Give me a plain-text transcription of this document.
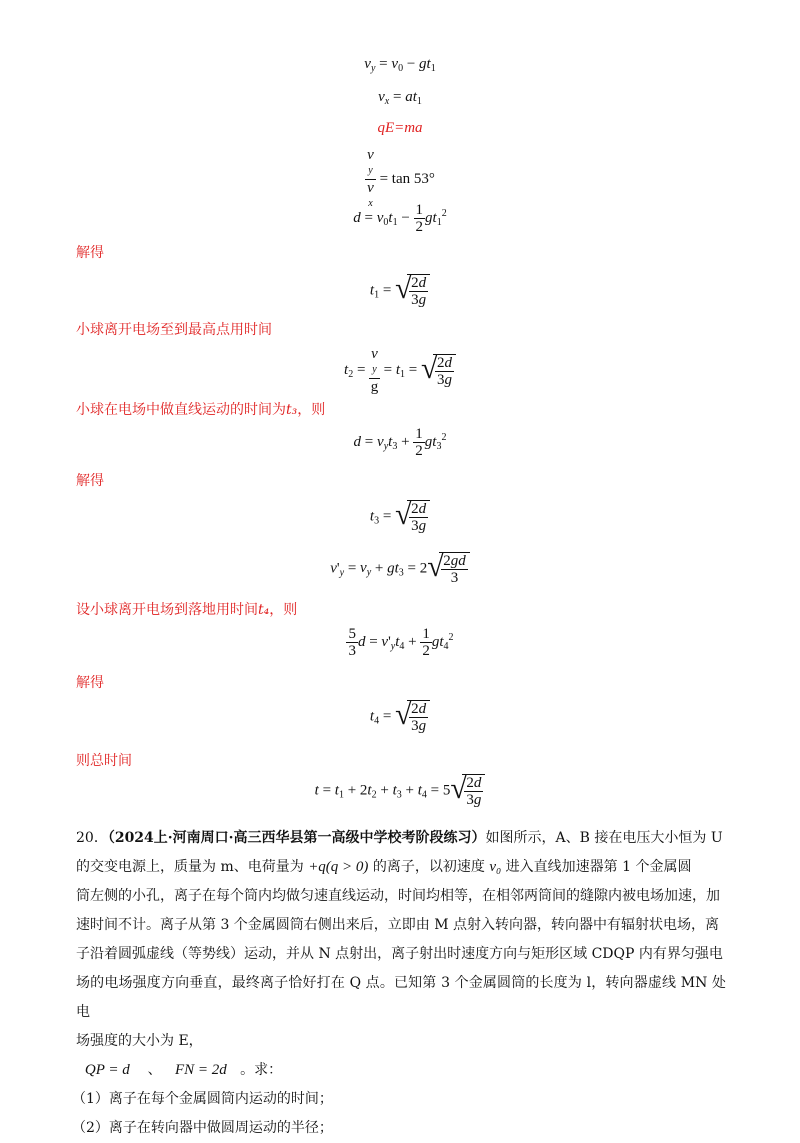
$v_y = v_0 - gt_1$
$v_x = at_1$
qE=ma
v
y
v
x = tan 53°
$d = v_0t_1 - \frac{1}{2} gt_1^2$
解得
$t_1$ = √
$\frac{2d}{3g}$
小球离开电场至到最高点用时间
$t_2 = v$
y
$g = t_1$ = √
$\frac{2d}{3g}$
小球在电场中做直线运动的时间为t₃，则
$d = v_yt_3 + \frac{1}{2} gt_3^2$
解得
$t_3$ = √
$\frac{2d}{3g}$
$v'_y = v_y + gt_3 = 2$ √
$\frac{2gd}{3}$
设小球离开电场到落地用时间t₄，则
$\frac{5}{3}$ $d = v'_yt_4 + \frac{1}{2} gt_4^2$
解得
$t_4$ = √
$\frac{2d}{3g}$
则总时间
$t = t_1 + 2t_2 + t_3 + t_4 = 5$ √
$\frac{2d}{3g}$
20．（2024上·河南周口·高三西华县第一高级中学校考阶段练习）如图所示，A、B 接在电压大小恒为 U
的交变电源上，质量为 m、电荷量为 +q(q > 0) 的离子，以初速度 v₀ 进入直线加速器第 1 个金属圆
筒左侧的小孔，离子在每个筒内均做匀速直线运动，时间均相等，在相邻两筒间的缝隙内被电场加速，加
速时间不计。离子从第 3 个金属圆筒右侧出来后，立即由 M 点射入转向器，转向器中有辐射状电场，离
子沿着圆弧虚线（等势线）运动，并从 N 点射出，离子射出时速度方向与矩形区域 CDQP 内有界匀强电
场的电场强度方向垂直，最终离子恰好打在 Q 点。已知第 3 个金属圆筒的长度为 l，转向器虚线 MN 处电
场强度的大小为 E，
QP = d 、 FN = 2d 。求：
（1）离子在每个金属圆筒内运动的时间；
（2）离子在转向器中做圆周运动的半径；
